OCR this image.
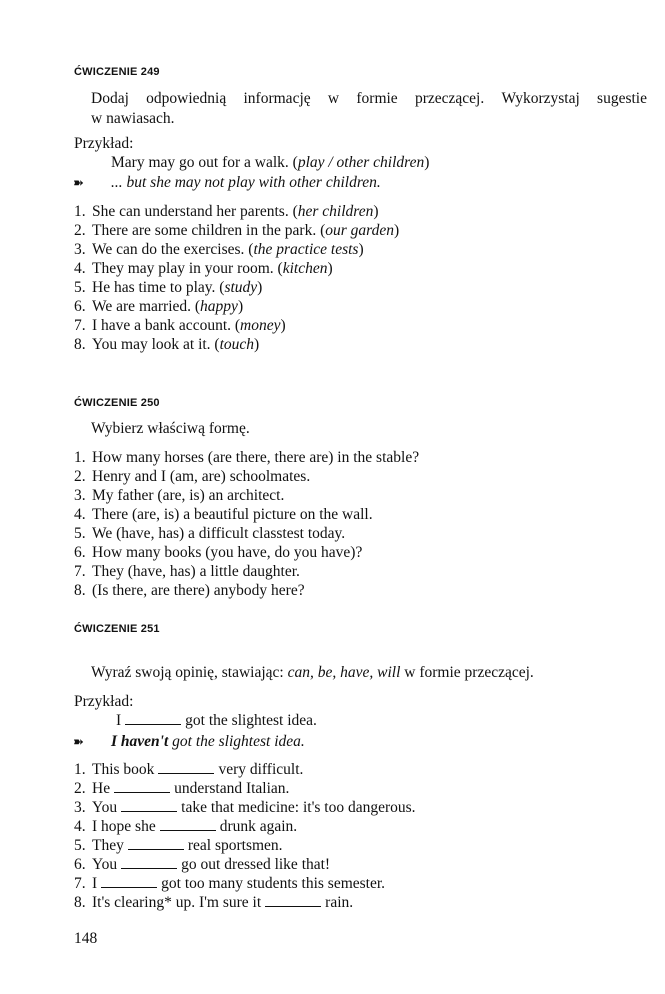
ĆWICZENIE 249
Dodaj odpowiednią informację w formie przeczącej. Wykorzystaj sugestie
w nawiasach.
Przykład:
Mary may go out for a walk. (play / other children)
➽ ... but she may not play with other children.
1. She can understand her parents. (her children)
2. There are some children in the park. (our garden)
3. We can do the exercises. (the practice tests)
4. They may play in your room. (kitchen)
5. He has time to play. (study)
6. We are married. (happy)
7. I have a bank account. (money)
8. You may look at it. (touch)
ĆWICZENIE 250
Wybierz właściwą formę.
1. How many horses (are there, there are) in the stable?
2. Henry and I (am, are) schoolmates.
3. My father (are, is) an architect.
4. There (are, is) a beautiful picture on the wall.
5. We (have, has) a difficult classtest today.
6. How many books (you have, do you have)?
7. They (have, has) a little daughter.
8. (Is there, are there) anybody here?
ĆWICZENIE 251
Wyraź swoją opinię, stawiając: can, be, have, will w formie przeczącej.
Przykład:
I	got the slightest idea.
➽ I haven't got the slightest idea.
1. This book	very difficult.
2. He	understand Italian.
3. You	take that medicine: it's too dangerous.
4. I hope she	drunk again.
5. They	real sportsmen.
6. You	go out dressed like that!
7. I	got too many students this semester.
8. It's clearing* up. I'm sure it	rain.
148
